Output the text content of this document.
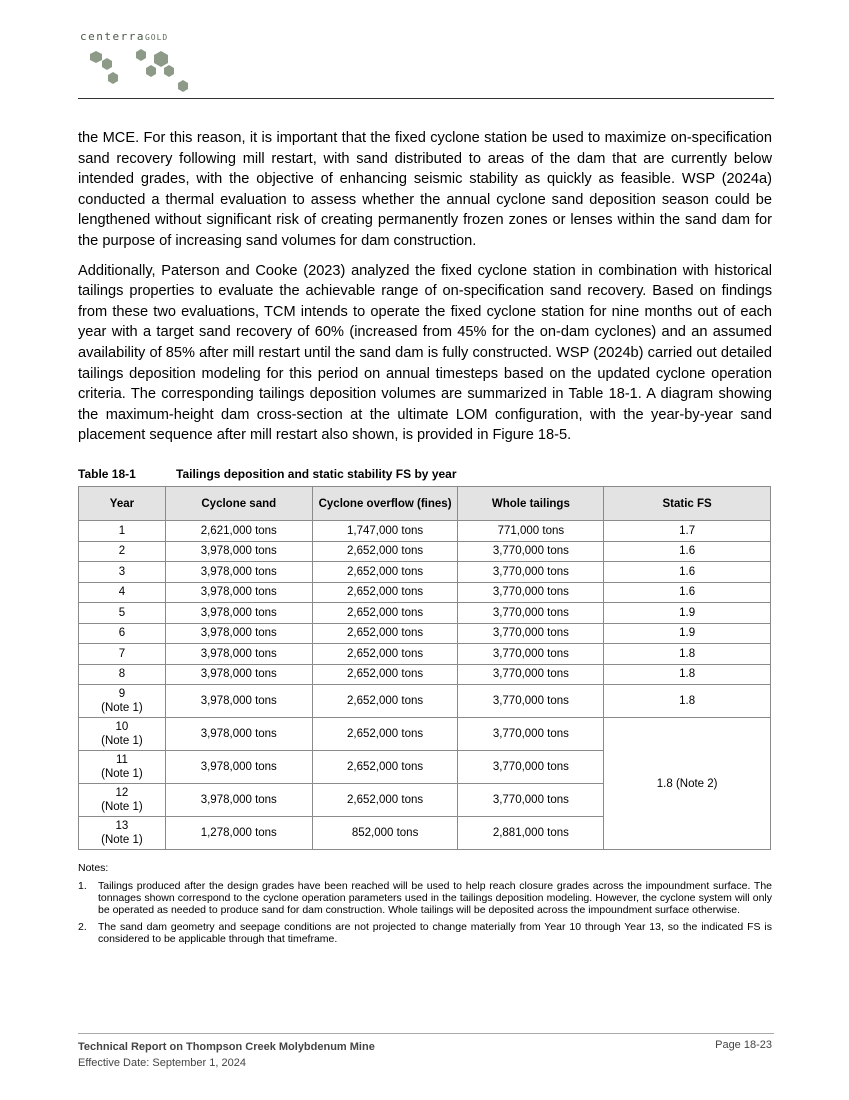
centerraGOLD

the MCE. For this reason, it is important that the fixed cyclone station be used to maximize on-specification sand recovery following mill restart, with sand distributed to areas of the dam that are currently below intended grades, with the objective of enhancing seismic stability as quickly as feasible. WSP (2024a) conducted a thermal evaluation to assess whether the annual cyclone sand deposition season could be lengthened without significant risk of creating permanently frozen zones or lenses within the sand dam for the purpose of increasing sand volumes for dam construction.

Additionally, Paterson and Cooke (2023) analyzed the fixed cyclone station in combination with historical tailings properties to evaluate the achievable range of on-specification sand recovery. Based on findings from these two evaluations, TCM intends to operate the fixed cyclone station for nine months out of each year with a target sand recovery of 60% (increased from 45% for the on-dam cyclones) and an assumed availability of 85% after mill restart until the sand dam is fully constructed. WSP (2024b) carried out detailed tailings deposition modeling for this period on annual timesteps based on the updated cyclone operation criteria. The corresponding tailings deposition volumes are summarized in Table 18-1. A diagram showing the maximum-height dam cross-section at the ultimate LOM configuration, with the year-by-year sand placement sequence after mill restart also shown, is provided in Figure 18-5.

Table 18-1	Tailings deposition and static stability FS by year
Year	Cyclone sand	Cyclone overflow (fines)	Whole tailings	Static FS
1	2,621,000 tons	1,747,000 tons	771,000 tons	1.7
2	3,978,000 tons	2,652,000 tons	3,770,000 tons	1.6
3	3,978,000 tons	2,652,000 tons	3,770,000 tons	1.6
4	3,978,000 tons	2,652,000 tons	3,770,000 tons	1.6
5	3,978,000 tons	2,652,000 tons	3,770,000 tons	1.9
6	3,978,000 tons	2,652,000 tons	3,770,000 tons	1.9
7	3,978,000 tons	2,652,000 tons	3,770,000 tons	1.8
8	3,978,000 tons	2,652,000 tons	3,770,000 tons	1.8

9
(Note 1)	3,978,000 tons	2,652,000 tons	3,770,000 tons	1.8

10
(Note 1)	3,978,000 tons	2,652,000 tons	3,770,000 tons	1.8 (Note 2)

11
(Note 1)	3,978,000 tons	2,652,000 tons	3,770,000 tons	

12
(Note 1)	3,978,000 tons	2,652,000 tons	3,770,000 tons	

13
(Note 1)	1,278,000 tons	852,000 tons	2,881,000 tons	
Notes:
1.	Tailings produced after the design grades have been reached will be used to help reach closure grades across the impoundment surface. The tonnages shown correspond to the cyclone operation parameters used in the tailings deposition modeling. However, the cyclone system will only be operated as needed to produce sand for dam construction. Whole tailings will be deposited across the impoundment surface otherwise.
2.	The sand dam geometry and seepage conditions are not projected to change materially from Year 10 through Year 13, so the indicated FS is considered to be applicable through that timeframe.
Technical Report on Thompson Creek Molybdenum Mine
Effective Date: September 1, 2024
Page 18-23
